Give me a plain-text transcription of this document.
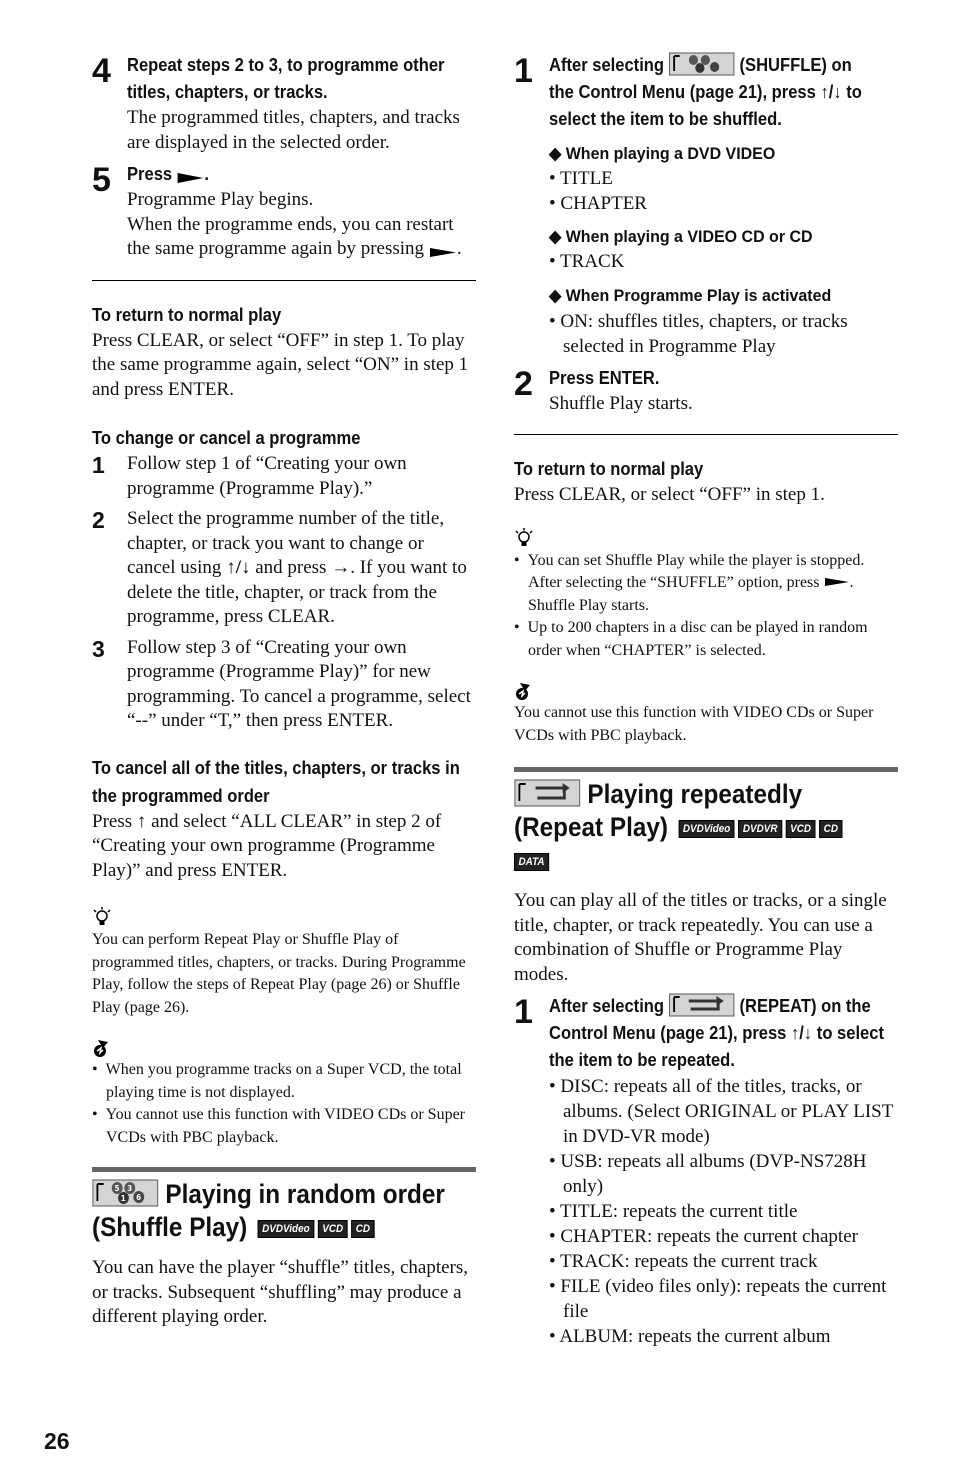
4 Repeat steps 2 to 3, to programme other titles, chapters, or tracks.
The programmed titles, chapters, and tracks are displayed in the selected order.
5 Press .
Programme Play begins.
When the programme ends, you can restart the same programme again by pressing .
To return to normal play
Press CLEAR, or select “OFF” in step 1. To play the same programme again, select “ON” in step 1 and press ENTER.
To change or cancel a programme
1	Follow step 1 of “Creating your own programme (Programme Play).”
2	Select the programme number of the title, chapter, or track you want to change or cancel using ↑/↓ and press →. If you want to delete the title, chapter, or track from the programme, press CLEAR.
3	Follow step 3 of “Creating your own programme (Programme Play)” for new programming. To cancel a programme, select “--” under “T,” then press ENTER.
To cancel all of the titles, chapters, or tracks in the programmed order
Press ↑ and select “ALL CLEAR” in step 2 of “Creating your own programme (Programme Play)” and press ENTER.
You can perform Repeat Play or Shuffle Play of programmed titles, chapters, or tracks. During Programme Play, follow the steps of Repeat Play (page 26) or Shuffle Play (page 26).
•  When you programme tracks on a Super VCD, the total playing time is not displayed.
•  You cannot use this function with VIDEO CDs or Super VCDs with PBC playback.
5 3
1 6 Playing in random order (Shuffle Play) DVDVideo VCD CD
You can have the player “shuffle” titles, chapters, or tracks. Subsequent “shuffling” may produce a different playing order.
1 After selecting	(SHUFFLE) on the Control Menu (page 21), press ↑/↓ to select the item to be shuffled.
◆ When playing a DVD VIDEO
• TITLE
• CHAPTER
◆ When playing a VIDEO CD or CD
• TRACK
◆ When Programme Play is activated
• ON: shuffles titles, chapters, or tracks selected in Programme Play
2 Press ENTER.
Shuffle Play starts.
To return to normal play
Press CLEAR, or select “OFF” in step 1.
•  You can set Shuffle Play while the player is stopped. After selecting the “SHUFFLE” option, press . Shuffle Play starts.
•  Up to 200 chapters in a disc can be played in random order when “CHAPTER” is selected.
You cannot use this function with VIDEO CDs or Super VCDs with PBC playback.
Playing repeatedly (Repeat Play) DVDVideo DVDVR VCD CD
DATA
You can play all of the titles or tracks, or a single title, chapter, or track repeatedly. You can use a combination of Shuffle or Programme Play modes.
1 After selecting	(REPEAT) on the Control Menu (page 21), press ↑/↓ to select the item to be repeated.
• DISC: repeats all of the titles, tracks, or albums. (Select ORIGINAL or PLAY LIST in DVD-VR mode)
• USB: repeats all albums (DVP-NS728H only)
• TITLE: repeats the current title
• CHAPTER: repeats the current chapter
• TRACK: repeats the current track
• FILE (video files only): repeats the current file
• ALBUM: repeats the current album
26
